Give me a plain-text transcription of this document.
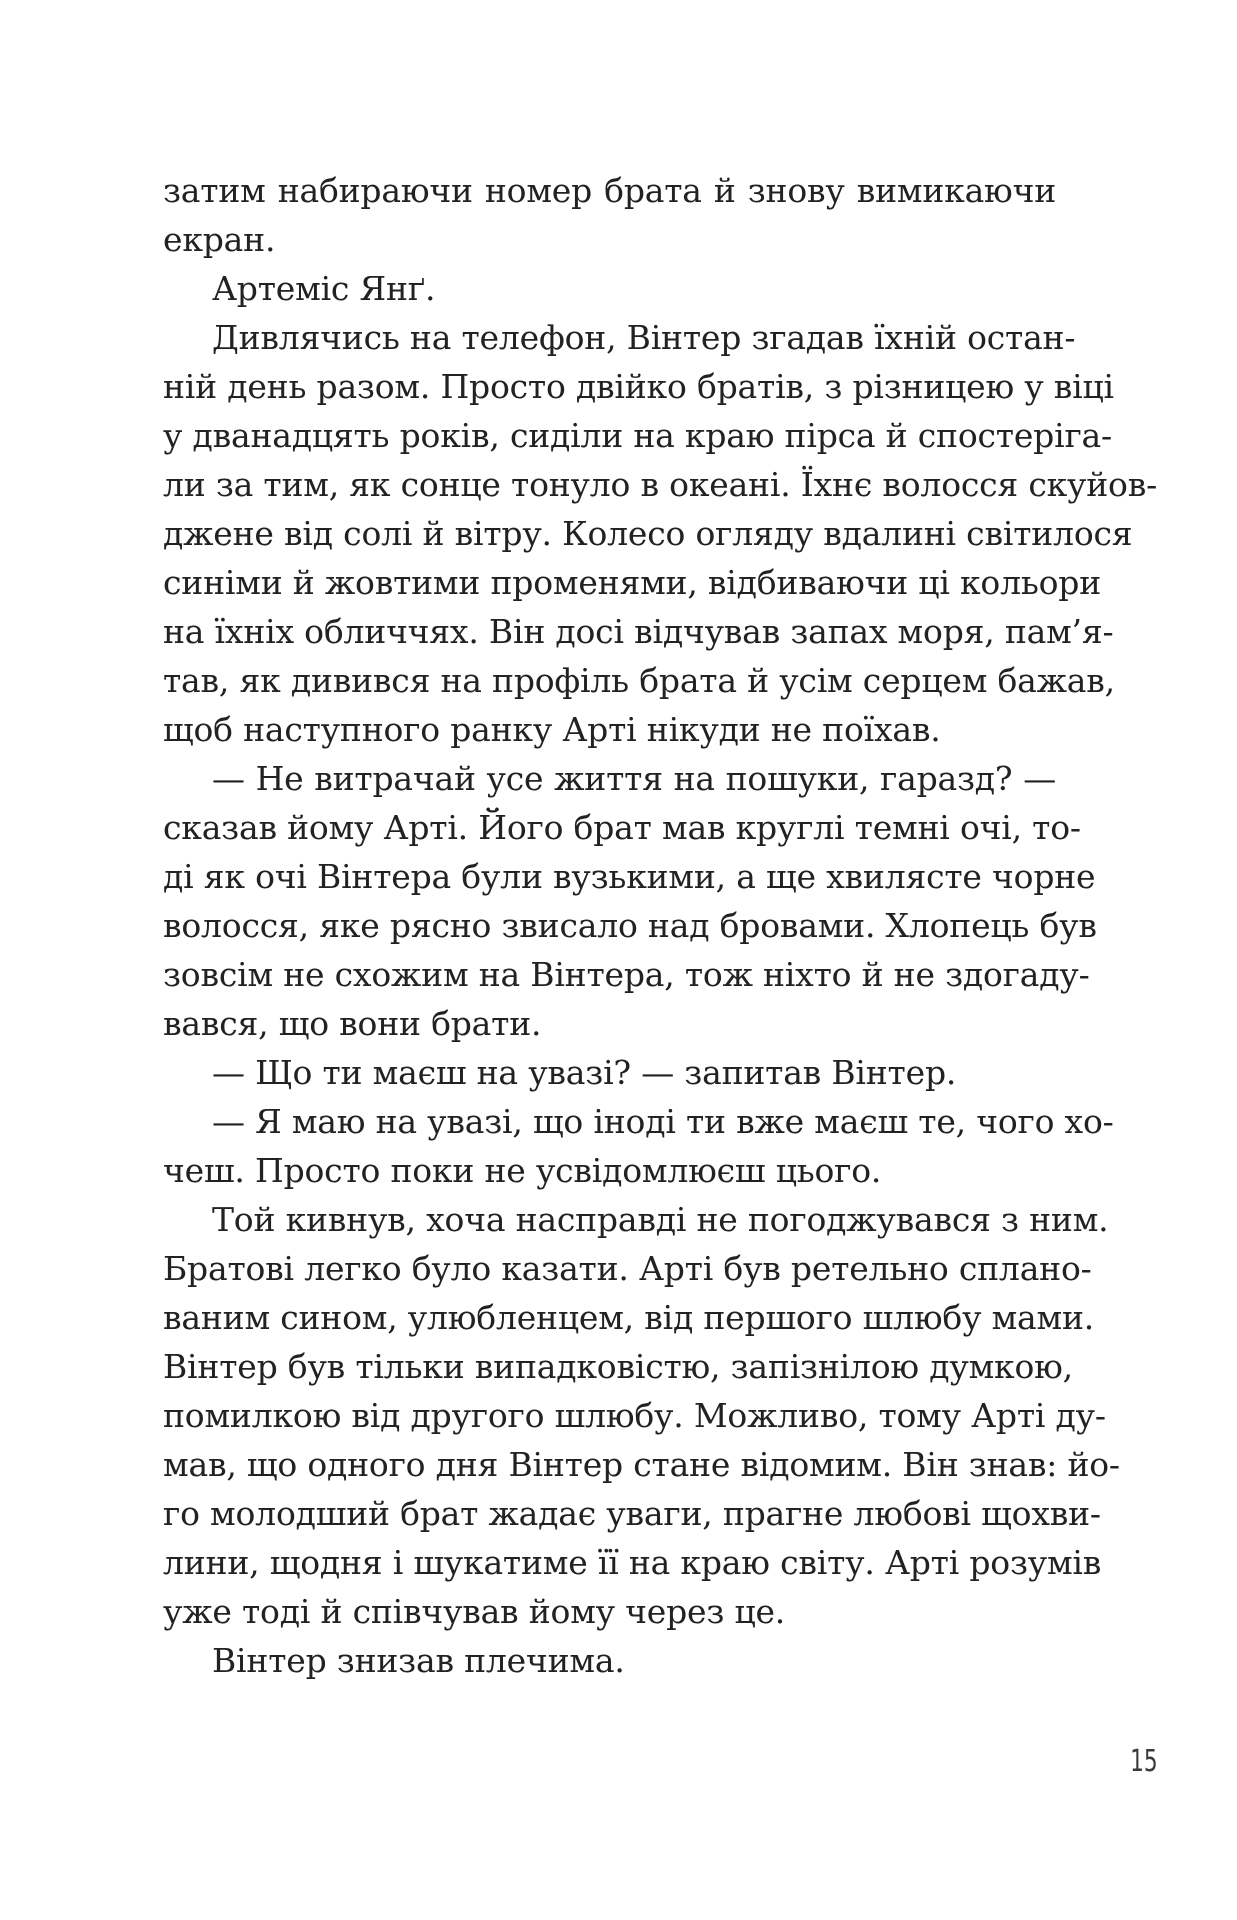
затим набираючи номер брата й знову вимикаючи
екран.
Артеміс Янґ.
Дивлячись на телефон, Вінтер згадав їхній остан-
ній день разом. Просто двійко братів, з різницею у віці
у дванадцять років, сиділи на краю пірса й спостеріга-
ли за тим, як сонце тонуло в океані. Їхнє волосся скуйов-
джене від солі й вітру. Колесо огляду вдалині світилося
синіми й жовтими променями, відбиваючи ці кольори
на їхніх обличчях. Він досі відчував запах моря, пам’я-
тав, як дивився на профіль брата й усім серцем бажав,
щоб наступного ранку Арті нікуди не поїхав.
— Не витрачай усе життя на пошуки, гаразд? —
сказав йому Арті. Його брат мав круглі темні очі, то-
ді як очі Вінтера були вузькими, а ще хвилясте чорне
волосся, яке рясно звисало над бровами. Хлопець був
зовсім не схожим на Вінтера, тож ніхто й не здогаду-
вався, що вони брати.
— Що ти маєш на увазі? — запитав Вінтер.
— Я маю на увазі, що іноді ти вже маєш те, чого хо-
чеш. Просто поки не усвідомлюєш цього.
Той кивнув, хоча насправді не погоджувався з ним.
Братові легко було казати. Арті був ретельно сплано-
ваним сином, улюбленцем, від першого шлюбу мами.
Вінтер був тільки випадковістю, запізнілою думкою,
помилкою від другого шлюбу. Можливо, тому Арті ду-
мав, що одного дня Вінтер стане відомим. Він знав: йо-
го молодший брат жадає уваги, прагне любові щохви-
лини, щодня і шукатиме її на краю світу. Арті розумів
уже тоді й співчував йому через це.
Вінтер знизав плечима.
15
